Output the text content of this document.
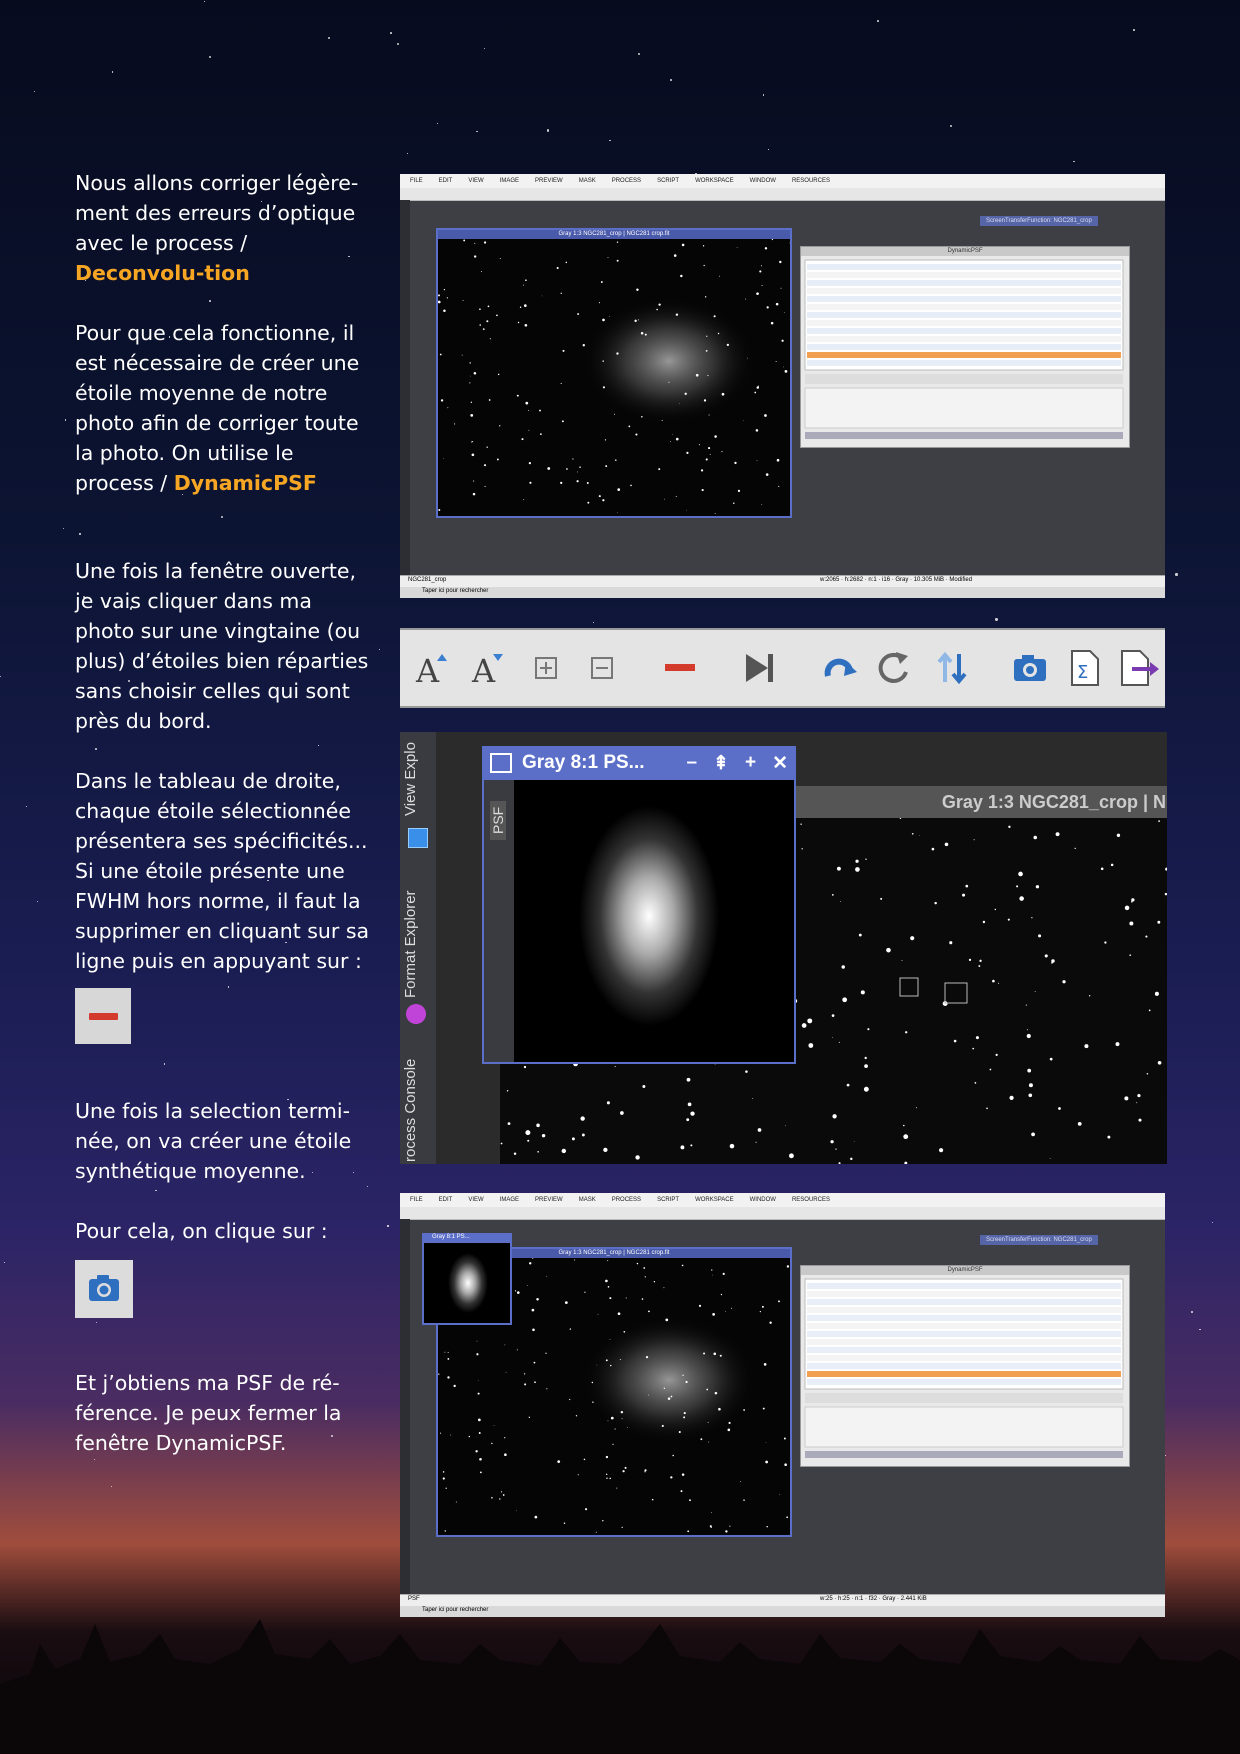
Nous allons corriger légère-ment des erreurs d’optique avec le process / Deconvolu-tion

Pour que cela fonctionne, il est nécessaire de créer une étoile moyenne de notre photo afin de corriger toute la photo. On utilise le process / DynamicPSF

Une fois la fenêtre ouverte, je vais cliquer dans ma photo sur une vingtaine (ou plus) d’étoiles bien réparties sans choisir celles qui sont près du bord.

Dans le tableau de droite, chaque étoile sélectionnée présentera ses spécificités... Si une étoile présente une FWHM hors norme, il faut la supprimer en cliquant sur sa ligne puis en appuyant sur :

Une fois la selection termi-née, on va créer une étoile synthétique moyenne.

Pour cela, on clique sur :

Et j’obtiens ma PSF de ré-férence. Je peux fermer la fenêtre DynamicPSF.

FILE	EDIT	VIEW	IMAGE	PREVIEW	MASK	PROCESS	SCRIPT	WORKSPACE	WINDOW	RESOURCES
ScreenTransferFunction: NGC281_crop
Gray 1:3 NGC281_crop | NGC281 crop.fit
DynamicPSF
NGC281_crop	w:2065 · h:2682 · n:1 · i16 · Gray · 10.305 MiB · Modified
Taper ici pour rechercher
A A	Σ
View Explo
Format Explorer
rocess Console
Gray 1:3 NGC281_crop | N
Gray 8:1 PS...	– ⇞ + ✕
PSF
FILE	EDIT	VIEW	IMAGE	PREVIEW	MASK	PROCESS	SCRIPT	WORKSPACE	WINDOW	RESOURCES
ScreenTransferFunction: NGC281_crop
Gray 1:3 NGC281_crop | NGC281 crop.fit
Gray 8:1 PS...
DynamicPSF
PSF	w:25 · h:25 · n:1 · f32 · Gray · 2.441 KiB
Taper ici pour rechercher
